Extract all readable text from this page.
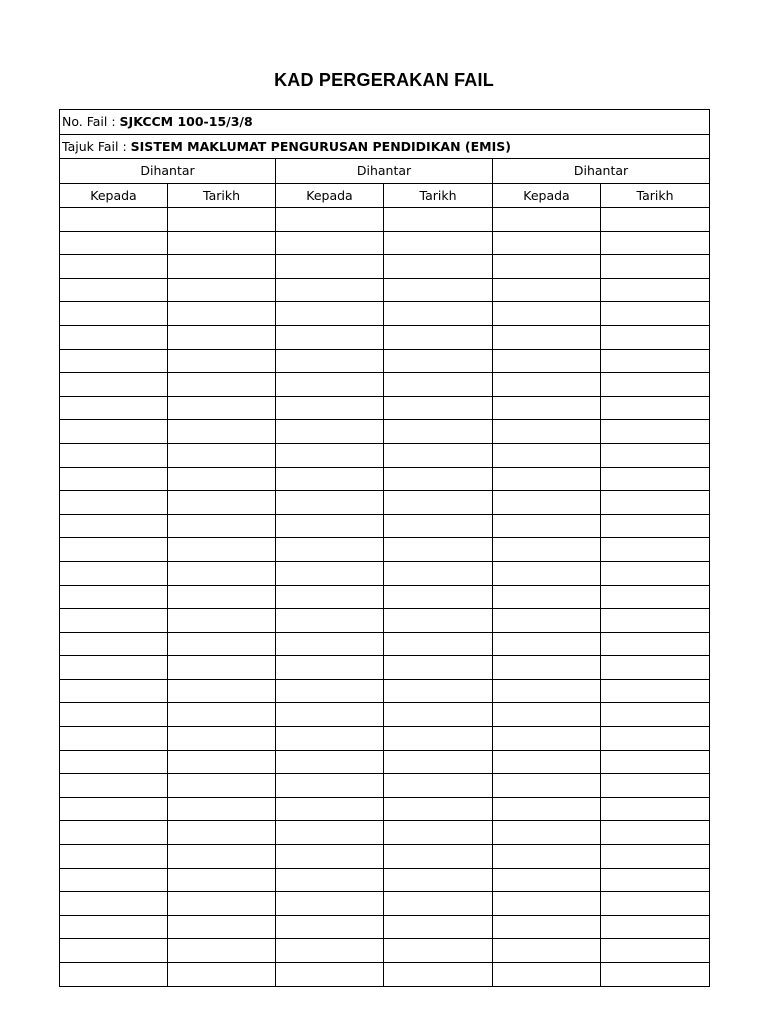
KAD PERGERAKAN FAIL
No. Fail : SJKCCM 100-15/3/8					
Tajuk Fail : SISTEM MAKLUMAT PENGURUSAN PENDIDIKAN (EMIS)					
Dihantar		Dihantar		Dihantar	
Kepada	Tarikh	Kepada	Tarikh	Kepada	Tarikh
